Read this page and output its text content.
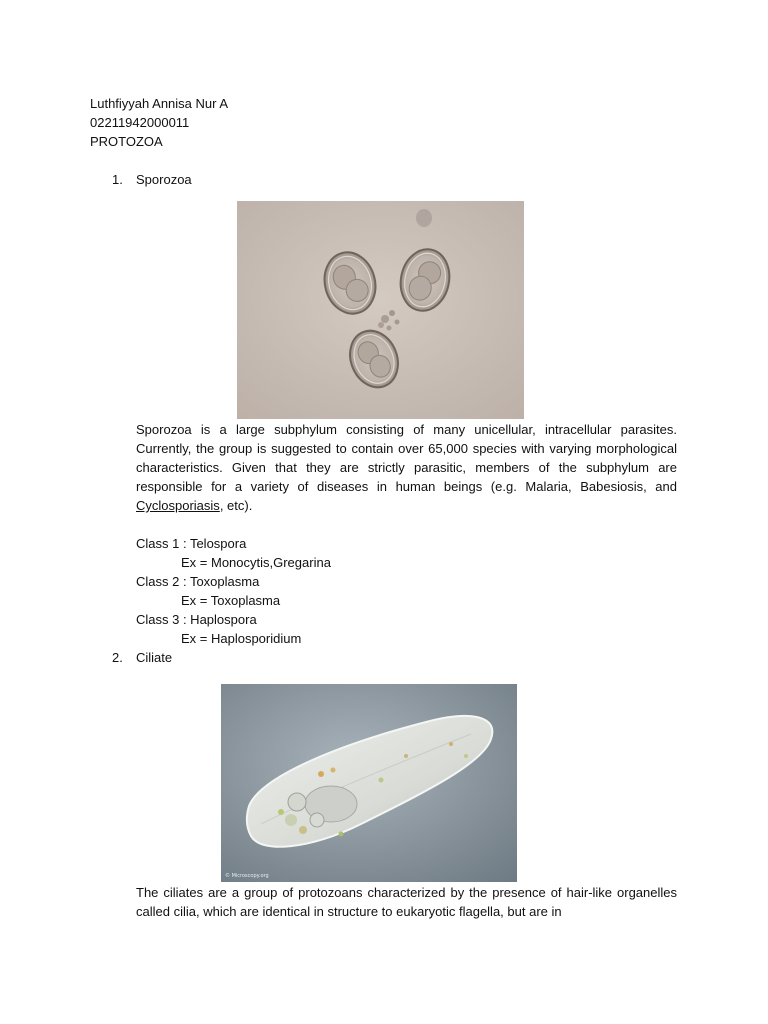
Luthfiyyah Annisa Nur A
02211942000011
PROTOZOA
1. Sporozoa
Sporozoa is a large subphylum consisting of many unicellular, intracellular parasites. Currently, the group is suggested to contain over 65,000 species with varying morphological characteristics. Given that they are strictly parasitic, members of the subphylum are responsible for a variety of diseases in human beings (e.g. Malaria, Babesiosis, and Cyclosporiasis, etc).
Class 1 : Telospora
Ex = Monocytis,Gregarina
Class 2 : Toxoplasma
Ex = Toxoplasma
Class 3 : Haplospora
Ex = Haplosporidium
2. Ciliate
© Microscopy.org
The ciliates are a group of protozoans characterized by the presence of hair-like organelles called cilia, which are identical in structure to eukaryotic flagella, but are in
